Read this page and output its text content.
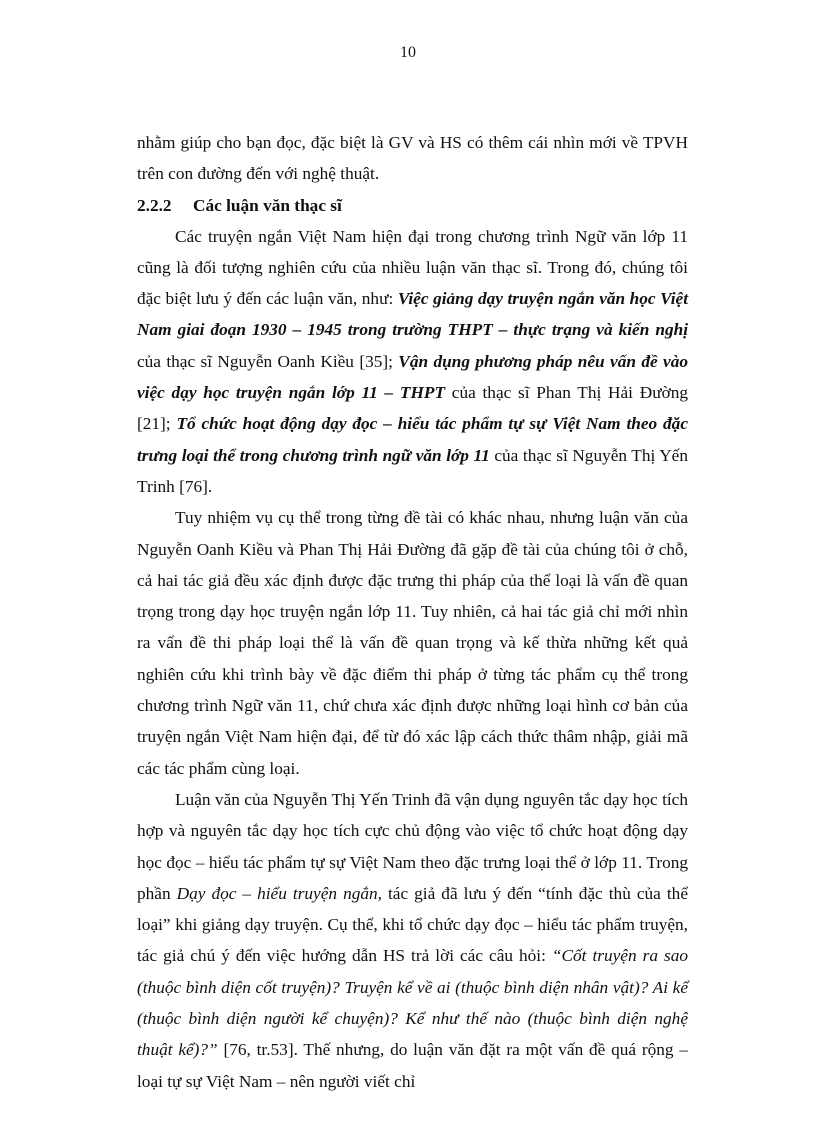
10

nhằm giúp cho bạn đọc, đặc biệt là GV và HS có thêm cái nhìn mới về TPVH trên con đường đến với nghệ thuật.

2.2.2 Các luận văn thạc sĩ

Các truyện ngắn Việt Nam hiện đại trong chương trình Ngữ văn lớp 11 cũng là đối tượng nghiên cứu của nhiều luận văn thạc sĩ. Trong đó, chúng tôi đặc biệt lưu ý đến các luận văn, như: Việc giảng dạy truyện ngắn văn học Việt Nam giai đoạn 1930 – 1945 trong trường THPT – thực trạng và kiến nghị của thạc sĩ Nguyễn Oanh Kiều [35]; Vận dụng phương pháp nêu vấn đề vào việc dạy học truyện ngắn lớp 11 – THPT của thạc sĩ Phan Thị Hải Đường [21]; Tổ chức hoạt động dạy đọc – hiểu tác phẩm tự sự Việt Nam theo đặc trưng loại thể trong chương trình ngữ văn lớp 11 của thạc sĩ Nguyễn Thị Yến Trinh [76].

Tuy nhiệm vụ cụ thể trong từng đề tài có khác nhau, nhưng luận văn của Nguyễn Oanh Kiều và Phan Thị Hải Đường đã gặp đề tài của chúng tôi ở chỗ, cả hai tác giả đều xác định được đặc trưng thi pháp của thể loại là vấn đề quan trọng trong dạy học truyện ngắn lớp 11. Tuy nhiên, cả hai tác giả chỉ mới nhìn ra vấn đề thi pháp loại thể là vấn đề quan trọng và kế thừa những kết quả nghiên cứu khi trình bày về đặc điểm thi pháp ở từng tác phẩm cụ thể trong chương trình Ngữ văn 11, chứ chưa xác định được những loại hình cơ bản của truyện ngắn Việt Nam hiện đại, để từ đó xác lập cách thức thâm nhập, giải mã các tác phẩm cùng loại.

Luận văn của Nguyễn Thị Yến Trinh đã vận dụng nguyên tắc dạy học tích hợp và nguyên tắc dạy học tích cực chủ động vào việc tổ chức hoạt động dạy học đọc – hiểu tác phẩm tự sự Việt Nam theo đặc trưng loại thể ở lớp 11. Trong phần Dạy đọc – hiểu truyện ngắn, tác giả đã lưu ý đến “tính đặc thù của thể loại” khi giảng dạy truyện. Cụ thể, khi tổ chức dạy đọc – hiểu tác phẩm truyện, tác giả chú ý đến việc hướng dẫn HS trả lời các câu hỏi: “Cốt truyện ra sao (thuộc bình diện cốt truyện)? Truyện kể về ai (thuộc bình diện nhân vật)? Ai kể (thuộc bình diện người kể chuyện)? Kể như thế nào (thuộc bình diện nghệ thuật kể)?” [76, tr.53]. Thế nhưng, do luận văn đặt ra một vấn đề quá rộng – loại tự sự Việt Nam – nên người viết chỉ
